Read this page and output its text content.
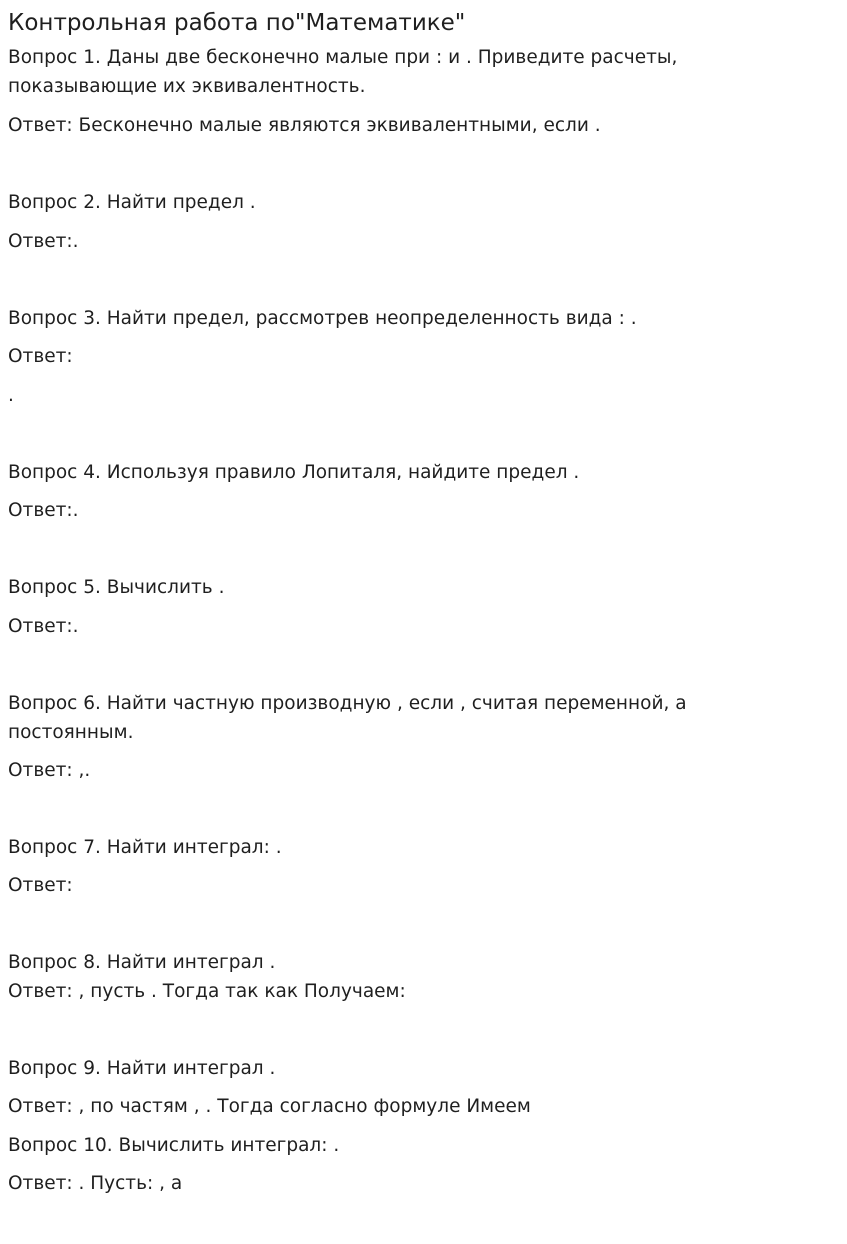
Контрольная работа по"Математике"
Вопрос 1. Даны две бесконечно малые при : и . Приведите расчеты, показывающие их эквивалентность.
Ответ: Бесконечно малые являются эквивалентными, если .
Вопрос 2. Найти предел .
Ответ:.
Вопрос 3. Найти предел, рассмотрев неопределенность вида : .
Ответ:
.
Вопрос 4. Используя правило Лопиталя, найдите предел .
Ответ:.
Вопрос 5. Вычислить .
Ответ:.
Вопрос 6. Найти частную производную , если , считая переменной, а постоянным.
Ответ: ,.
Вопрос 7. Найти интеграл: .
Ответ:
Вопрос 8. Найти интеграл .
Ответ: , пусть . Тогда так как Получаем:
Вопрос 9. Найти интеграл .
Ответ: , по частям , . Тогда согласно формуле Имеем
Вопрос 10. Вычислить интеграл: .
Ответ: . Пусть: , а
